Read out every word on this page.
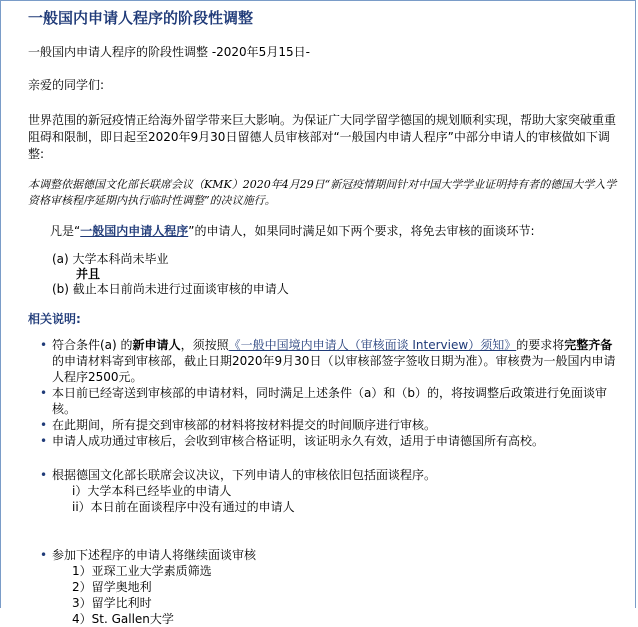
一般国内申请人程序的阶段性调整
一般国内申请人程序的阶段性调整 -2020年5月15日-
亲爱的同学们:
世界范围的新冠疫情正给海外留学带来巨大影响。为保证广大同学留学德国的规划顺利实现，帮助大家突破重重阻碍和限制，即日起至2020年9月30日留德人员审核部对“一般国内申请人程序”中部分申请人的审核做如下调整:
本调整依据德国文化部长联席会议（KMK）2020年4月29日“新冠疫情期间针对中国大学学业证明持有者的德国大学入学资格审核程序延期内执行临时性调整”的决议施行。
凡是“一般国内申请人程序”的申请人，如果同时满足如下两个要求，将免去审核的面谈环节:
(a) 大学本科尚未毕业
并且
(b) 截止本日前尚未进行过面谈审核的申请人
相关说明:
• 符合条件(a) 的新申请人，须按照《一般中国境内申请人（审核面谈 Interview）须知》的要求将完整齐备的申请材料寄到审核部，截止日期2020年9月30日（以审核部签字签收日期为准）。审核费为一般国内申请人程序2500元。
• 本日前已经寄送到审核部的申请材料，同时满足上述条件（a）和（b）的，将按调整后政策进行免面谈审核。
• 在此期间，所有提交到审核部的材料将按材料提交的时间顺序进行审核。
• 申请人成功通过审核后，会收到审核合格证明，该证明永久有效，适用于申请德国所有高校。
• 根据德国文化部长联席会议决议，下列申请人的审核依旧包括面谈程序。
i）大学本科已经毕业的申请人
ii）本日前在面谈程序中没有通过的申请人
• 参加下述程序的申请人将继续面谈审核
1）亚琛工业大学素质筛选
2）留学奥地利
3）留学比利时
4）St. Gallen大学
